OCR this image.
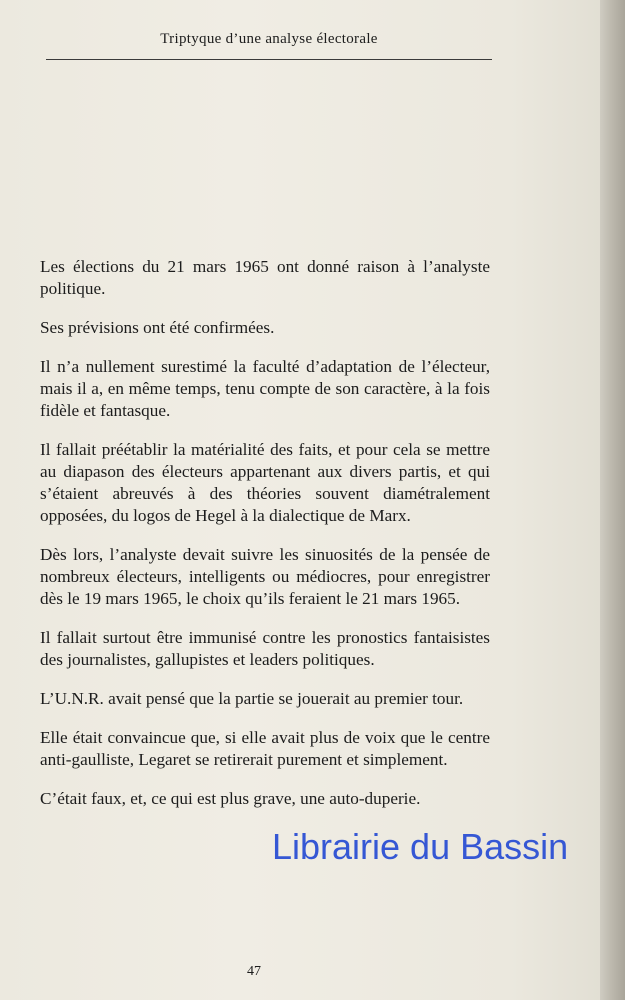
Triptyque d’une analyse électorale

Les élections du 21 mars 1965 ont donné raison à l’analyste politique.

Ses prévisions ont été confirmées.

Il n’a nullement surestimé la faculté d’adaptation de l’électeur, mais il a, en même temps, tenu compte de son caractère, à la fois fidèle et fantasque.

Il fallait préétablir la matérialité des faits, et pour cela se mettre au diapason des électeurs appartenant aux divers partis, et qui s’étaient abreuvés à des théories souvent diamétralement opposées, du logos de Hegel à la dialectique de Marx.

Dès lors, l’analyste devait suivre les sinuosités de la pensée de nombreux électeurs, intelligents ou médiocres, pour enregistrer dès le 19 mars 1965, le choix qu’ils feraient le 21 mars 1965.

Il fallait surtout être immunisé contre les pronostics fantaisistes des journalistes, gallupistes et leaders politiques.

L’U.N.R. avait pensé que la partie se jouerait au premier tour.

Elle était convaincue que, si elle avait plus de voix que le centre anti-gaulliste, Legaret se retirerait purement et simplement.

C’était faux, et, ce qui est plus grave, une auto-duperie.

47
Librairie du Bassin
